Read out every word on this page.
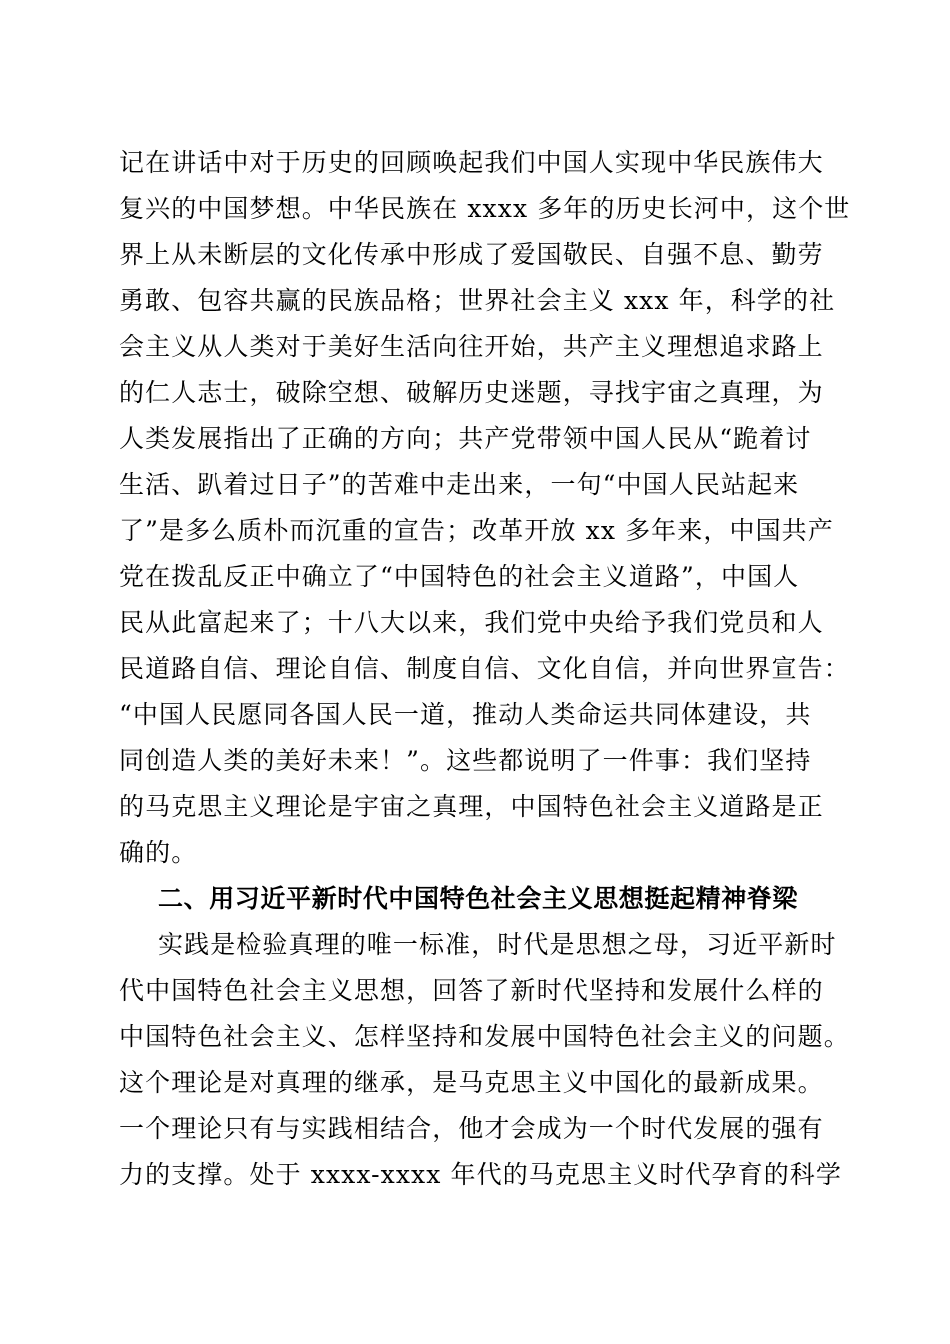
记在讲话中对于历史的回顾唤起我们中国人实现中华民族伟大
复兴的中国梦想。中华民族在 xxxx 多年的历史长河中，这个世
界上从未断层的文化传承中形成了爱国敬民、自强不息、勤劳
勇敢、包容共赢的民族品格；世界社会主义 xxx 年，科学的社
会主义从人类对于美好生活向往开始，共产主义理想追求路上
的仁人志士，破除空想、破解历史迷题，寻找宇宙之真理，为
人类发展指出了正确的方向；共产党带领中国人民从“跪着讨
生活、趴着过日子”的苦难中走出来，一句“中国人民站起来
了”是多么质朴而沉重的宣告；改革开放 xx 多年来，中国共产
党在拨乱反正中确立了“中国特色的社会主义道路”，中国人
民从此富起来了；十八大以来，我们党中央给予我们党员和人
民道路自信、理论自信、制度自信、文化自信，并向世界宣告：
“中国人民愿同各国人民一道，推动人类命运共同体建设，共
同创造人类的美好未来！”。这些都说明了一件事：我们坚持
的马克思主义理论是宇宙之真理，中国特色社会主义道路是正
确的。
二、用习近平新时代中国特色社会主义思想挺起精神脊梁
实践是检验真理的唯一标准，时代是思想之母，习近平新时
代中国特色社会主义思想，回答了新时代坚持和发展什么样的
中国特色社会主义、怎样坚持和发展中国特色社会主义的问题。
这个理论是对真理的继承，是马克思主义中国化的最新成果。
一个理论只有与实践相结合，他才会成为一个时代发展的强有
力的支撑。处于 xxxx-xxxx 年代的马克思主义时代孕育的科学
